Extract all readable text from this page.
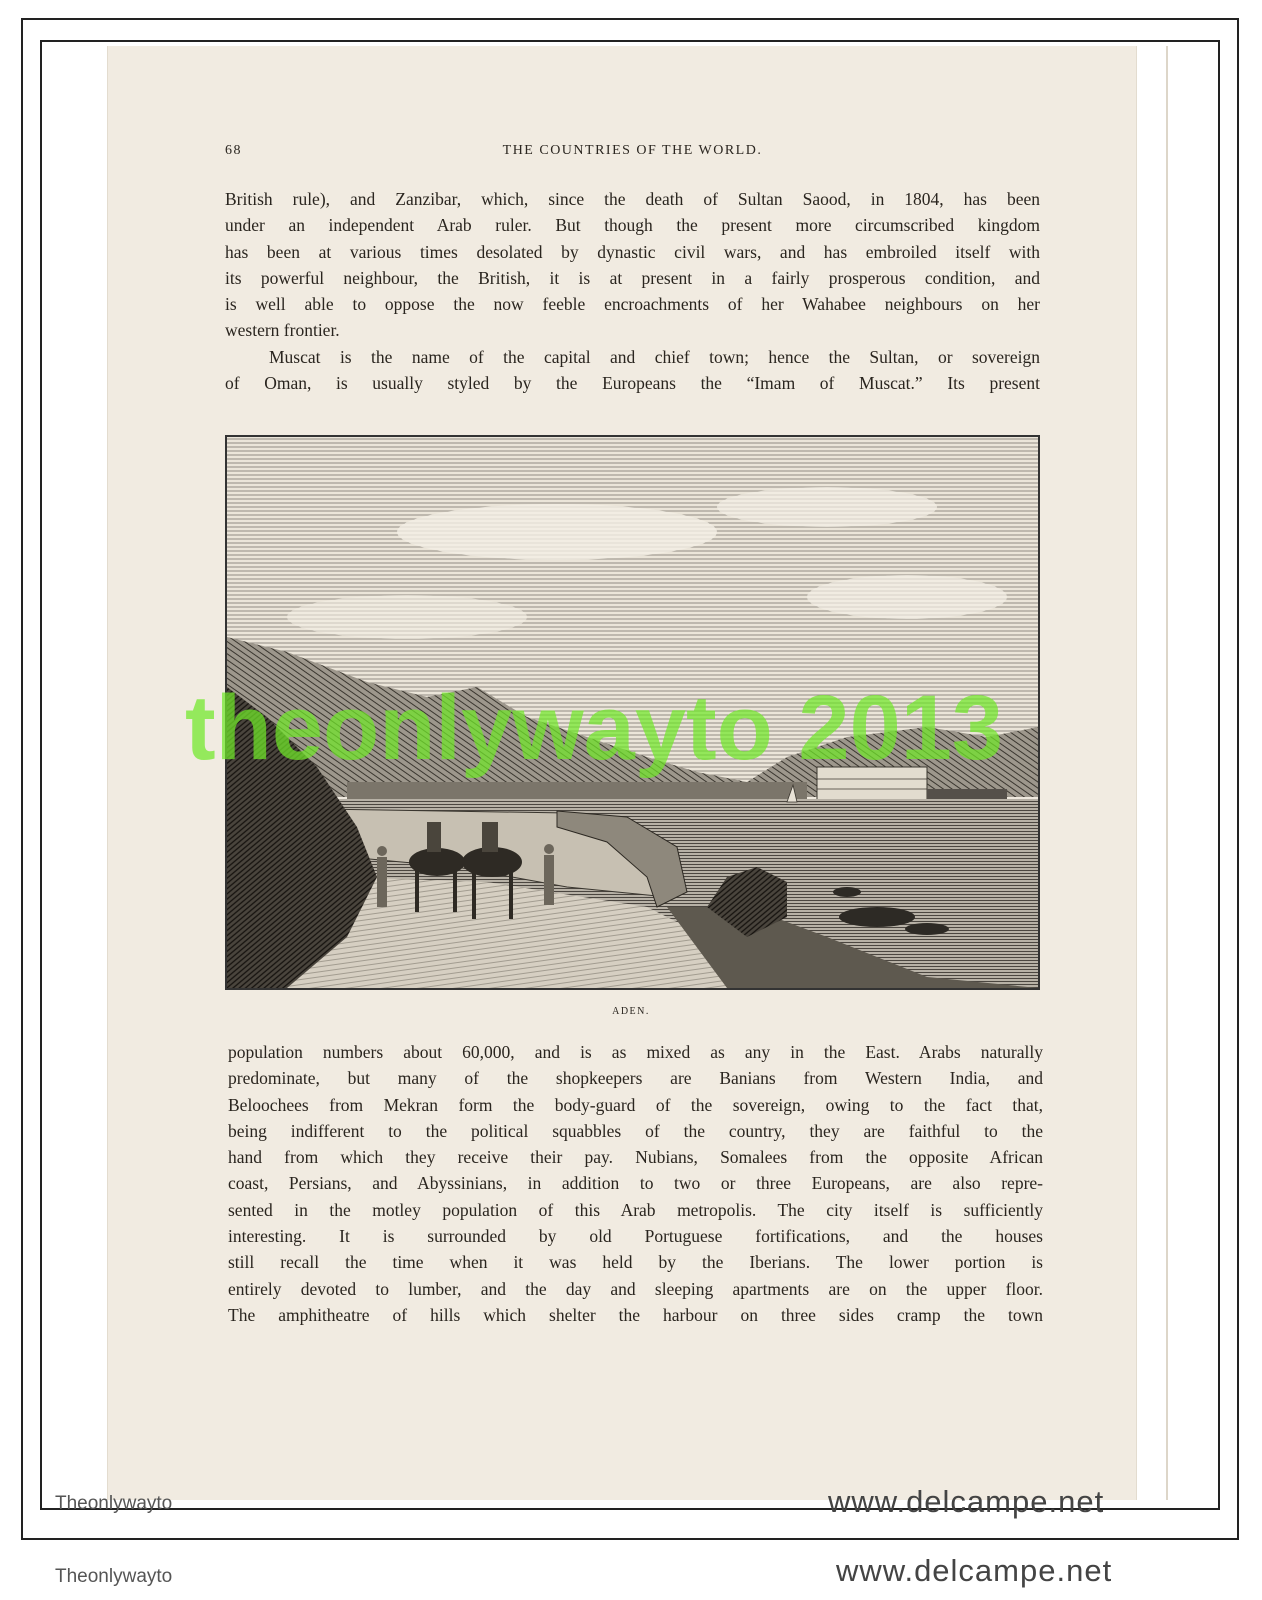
68	THE COUNTRIES OF THE WORLD.
British rule), and Zanzibar, which, since the death of Sultan Saood, in 1804, has been
under an independent Arab ruler. But though the present more circumscribed kingdom
has been at various times desolated by dynastic civil wars, and has embroiled itself with
its powerful neighbour, the British, it is at present in a fairly prosperous condition, and
is well able to oppose the now feeble encroachments of her Wahabee neighbours on her
western frontier.
Muscat is the name of the capital and chief town; hence the Sultan, or sovereign
of Oman, is usually styled by the Europeans the “Imam of Muscat.” Its present
ADEN.
population numbers about 60,000, and is as mixed as any in the East. Arabs naturally
predominate, but many of the shopkeepers are Banians from Western India, and
Beloochees from Mekran form the body-guard of the sovereign, owing to the fact that,
being indifferent to the political squabbles of the country, they are faithful to the
hand from which they receive their pay. Nubians, Somalees from the opposite African
coast, Persians, and Abyssinians, in addition to two or three Europeans, are also repre-
sented in the motley population of this Arab metropolis. The city itself is sufficiently
interesting. It is surrounded by old Portuguese fortifications, and the houses
still recall the time when it was held by the Iberians. The lower portion is
entirely devoted to lumber, and the day and sleeping apartments are on the upper floor.
The amphitheatre of hills which shelter the harbour on three sides cramp the town
theonlywayto 2013
Theonlywayto	www.delcampe.net
Theonlywayto	www.delcampe.net
